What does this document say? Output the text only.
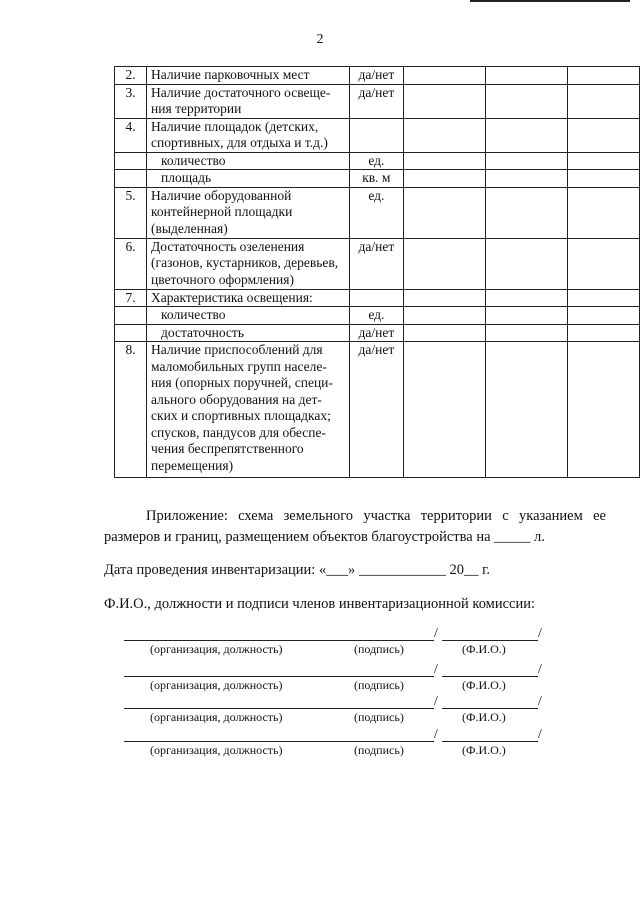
2
2.	Наличие парковочных мест	да/нет			
3.	Наличие достаточного освеще-ния территории	да/нет			
4.	Наличие площадок (детских, спортивных, для отдыха и т.д.)				
	количество	ед.			
	площадь	кв. м			
5.	Наличие оборудованной контейнерной площадки (выделенная)	ед.			
6.	Достаточность озеленения (газонов, кустарников, деревьев, цветочного оформления)	да/нет			
7.	Характеристика освещения:				
	количество	ед.			
	достаточность	да/нет			
8.	Наличие приспособлений для маломобильных групп населе-ния (опорных поручней, специ-ального оборудования на дет-ских и спортивных площадках; спусков, пандусов для обеспе-чения беспрепятственного перемещения)	да/нет			
Приложение: схема земельного участка территории с указанием ее размеров и границ, размещением объектов благоустройства на _____ л.
Дата проведения инвентаризации: «___» ____________ 20__ г.
Ф.И.О., должности и подписи членов инвентаризационной комиссии:
/	/
(организация, должность)	(подпись)	(Ф.И.О.)
/	/
(организация, должность)	(подпись)	(Ф.И.О.)
/	/
(организация, должность)	(подпись)	(Ф.И.О.)
/	/
(организация, должность)	(подпись)	(Ф.И.О.)
